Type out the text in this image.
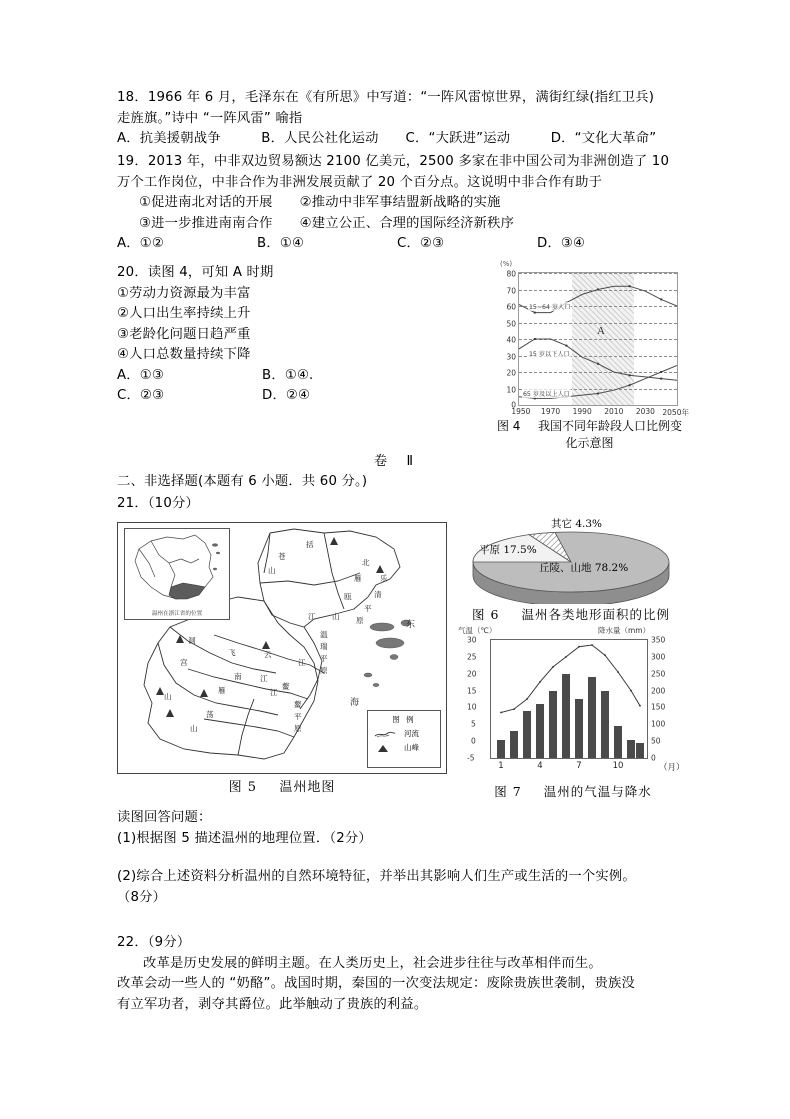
18．1966 年 6 月，毛泽东在《有所思》中写道：“一阵风雷惊世界，满街红绿(指红卫兵)
走旌旗。”诗中 “一阵风雷” 喻指
A．抗美援朝战争　　　B．人民公社化运动　　C．“大跃进”运动　　　D．“文化大革命”
19．2013 年，中非双边贸易额达 2100 亿美元，2500 多家在非中国公司为非洲创造了 10
万个工作岗位，中非合作为非洲发展贡献了 20 个百分点。这说明中非合作有助于
①促进南北对话的开展　　②推动中非军事结盟新战略的实施
③进一步推进南南合作　　④建立公正、合理的国际经济新秩序
A．①②	B．①④	C．②③	D．③④
20．读图 4，可知 A 时期
①劳动力资源最为丰富
②人口出生率持续上升
③老龄化问题日趋严重
④人口总数量持续下降
A．①③	B．①④.
C．②③	D．②④
(%)
80
70
60
50
40
30
20
10
0
15~64 岁人口
15 岁以下人口
65 岁及以上人口
A
1950 1970 1990 2010 2030 2050年
图 4 我国不同年龄段人口比例变化示意图
卷　Ⅱ
二、非选择题(本题有 6 小题．共 60 分。)
21．（10分）
括
苍
山
北
雁 乐
清
瓯
平
江 山 原
温
瑞
平
原
洞
飞	云
江
宫
南
雁
江
鳌
江
鳌
平
原
山
荡
山
东
海
温州在浙江省的位置
图 例
河流
山峰
图 5 温州地图
其它 4.3%
平原 17.5%
丘陵、山地 78.2%
图 6 温州各类地形面积的比例
气温（℃）	降水量（mm）
30
25
20
15
10
5
0
-5
350
300
250
200
150
100
50
0
1	4	7	10	（月）
图 7 温州的气温与降水
读图回答问题：
(1)根据图 5 描述温州的地理位置．（2分）
(2)综合上述资料分析温州的自然环境特征，并举出其影响人们生产或生活的一个实例。
（8分）
22．（9分）
改革是历史发展的鲜明主题。在人类历史上，社会进步往往与改革相伴而生。
改革会动一些人的 “奶酪”。战国时期，秦国的一次变法规定：废除贵族世袭制，贵族没
有立军功者，剥夺其爵位。此举触动了贵族的利益。
